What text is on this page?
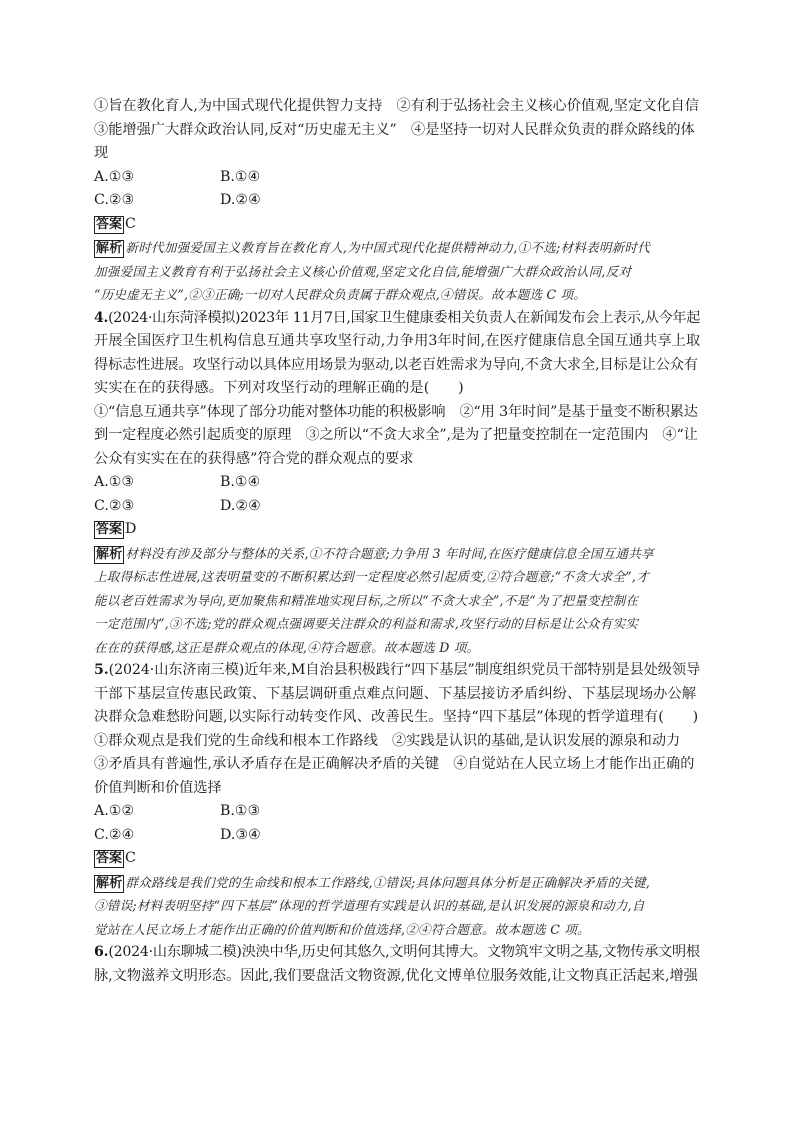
①旨在教化育人,为中国式现代化提供智力支持　②有利于弘扬社会主义核心价值观,坚定文化自信
③能增强广大群众政治认同,反对“历史虚无主义”　④是坚持一切对人民群众负责的群众路线的体
现
A.①③	B.①④
C.②③	D.②④
答案 C
解析 新时代加强爱国主义教育旨在教化育人,为中国式现代化提供精神动力,①不选;材料表明新时代
加强爱国主义教育有利于弘扬社会主义核心价值观,坚定文化自信,能增强广大群众政治认同,反对
“历史虚无主义”,②③正确;一切对人民群众负责属于群众观点,④错误。故本题选 C 项。
4.(2024·山东菏泽模拟)2023年 11月7日,国家卫生健康委相关负责人在新闻发布会上表示,从今年起
开展全国医疗卫生机构信息互通共享攻坚行动,力争用3年时间,在医疗健康信息全国互通共享上取
得标志性进展。攻坚行动以具体应用场景为驱动,以老百姓需求为导向,不贪大求全,目标是让公众有
实实在在的获得感。下列对攻坚行动的理解正确的是(　　)
①“信息互通共享”体现了部分功能对整体功能的积极影响　②“用 3年时间”是基于量变不断积累达
到一定程度必然引起质变的原理　③之所以“不贪大求全”,是为了把量变控制在一定范围内　④“让
公众有实实在在的获得感”符合党的群众观点的要求
A.①③	B.①④
C.②③	D.②④
答案 D
解析 材料没有涉及部分与整体的关系,①不符合题意;力争用 3 年时间,在医疗健康信息全国互通共享
上取得标志性进展,这表明量变的不断积累达到一定程度必然引起质变,②符合题意;“不贪大求全”,才
能以老百姓需求为导向,更加聚焦和精准地实现目标,之所以“不贪大求全”,不是“为了把量变控制在
一定范围内”,③不选;党的群众观点强调要关注群众的利益和需求,攻坚行动的目标是让公众有实实
在在的获得感,这正是群众观点的体现,④符合题意。故本题选 D 项。
5.(2024·山东济南三模)近年来,M自治县积极践行“四下基层”制度组织党员干部特别是县处级领导
干部下基层宣传惠民政策、下基层调研重点难点问题、下基层接访矛盾纠纷、下基层现场办公解
决群众急难愁盼问题,以实际行动转变作风、改善民生。坚持“四下基层”体现的哲学道理有(　　)
①群众观点是我们党的生命线和根本工作路线　②实践是认识的基础,是认识发展的源泉和动力
③矛盾具有普遍性,承认矛盾存在是正确解决矛盾的关键　④自觉站在人民立场上才能作出正确的
价值判断和价值选择
A.①②	B.①③
C.②④	D.③④
答案 C
解析 群众路线是我们党的生命线和根本工作路线,①错误;具体问题具体分析是正确解决矛盾的关键,
③错误;材料表明坚持“四下基层”体现的哲学道理有实践是认识的基础,是认识发展的源泉和动力,自
觉站在人民立场上才能作出正确的价值判断和价值选择,②④符合题意。故本题选 C 项。
6.(2024·山东聊城二模)泱泱中华,历史何其悠久,文明何其博大。文物筑牢文明之基,文物传承文明根
脉,文物滋养文明形态。因此,我们要盘活文物资源,优化文博单位服务效能,让文物真正活起来,增强
